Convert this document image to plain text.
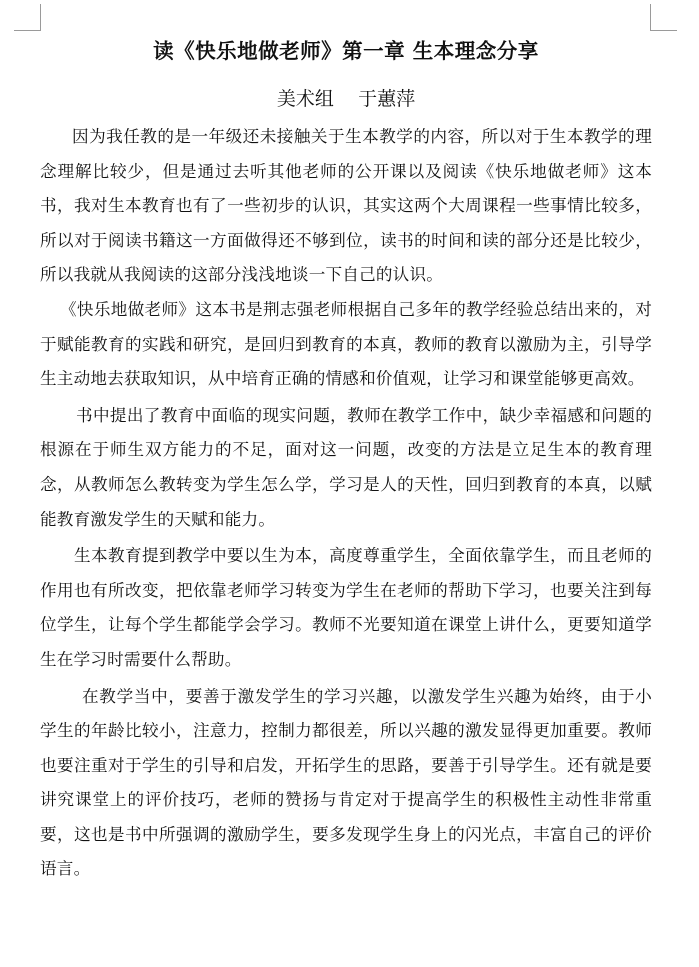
读《快乐地做老师》第一章 生本理念分享

美术组    于蕙萍

因为我任教的是一年级还未接触关于生本教学的内容，所以对于生本教学的理念理解比较少，但是通过去听其他老师的公开课以及阅读《快乐地做老师》这本书，我对生本教育也有了一些初步的认识，其实这两个大周课程一些事情比较多，所以对于阅读书籍这一方面做得还不够到位，读书的时间和读的部分还是比较少，所以我就从我阅读的这部分浅浅地谈一下自己的认识。

《快乐地做老师》这本书是荆志强老师根据自己多年的教学经验总结出来的，对于赋能教育的实践和研究，是回归到教育的本真，教师的教育以激励为主，引导学生主动地去获取知识，从中培育正确的情感和价值观，让学习和课堂能够更高效。

书中提出了教育中面临的现实问题，教师在教学工作中，缺少幸福感和问题的根源在于师生双方能力的不足，面对这一问题，改变的方法是立足生本的教育理念，从教师怎么教转变为学生怎么学，学习是人的天性，回归到教育的本真，以赋能教育激发学生的天赋和能力。

生本教育提到教学中要以生为本，高度尊重学生，全面依靠学生，而且老师的作用也有所改变，把依靠老师学习转变为学生在老师的帮助下学习，也要关注到每位学生，让每个学生都能学会学习。教师不光要知道在课堂上讲什么，更要知道学生在学习时需要什么帮助。

在教学当中，要善于激发学生的学习兴趣，以激发学生兴趣为始终，由于小学生的年龄比较小，注意力，控制力都很差，所以兴趣的激发显得更加重要。教师也要注重对于学生的引导和启发，开拓学生的思路，要善于引导学生。还有就是要讲究课堂上的评价技巧，老师的赞扬与肯定对于提高学生的积极性主动性非常重要，这也是书中所强调的激励学生，要多发现学生身上的闪光点，丰富自己的评价语言。
